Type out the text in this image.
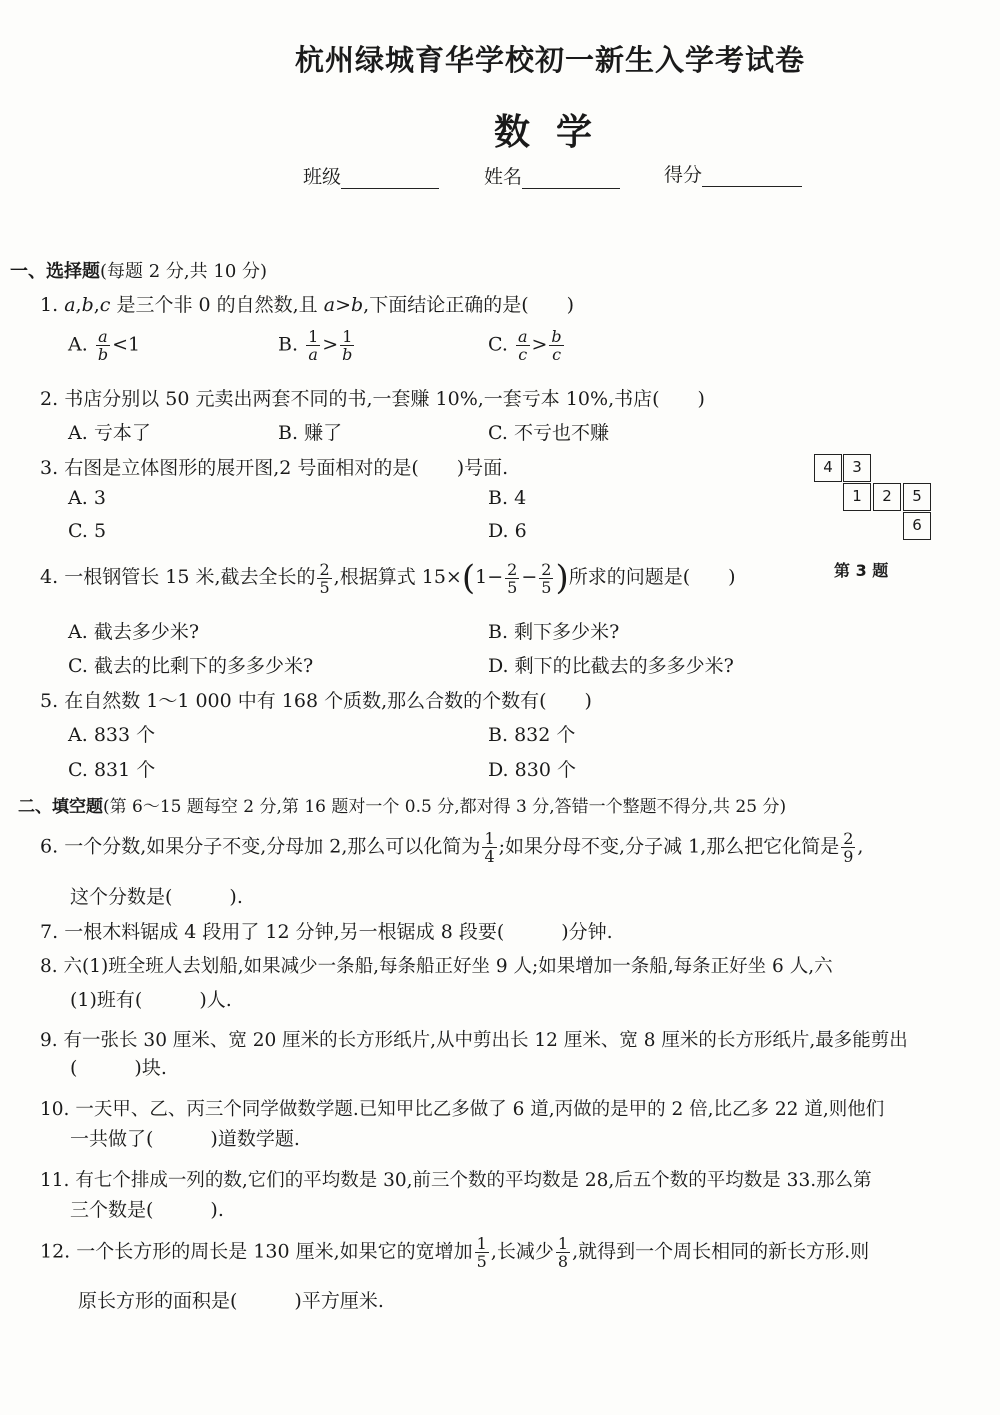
杭州绿城育华学校初一新生入学考试卷
数学
班级	姓名	得分
一、选择题(每题 2 分,共 10 分)
1. a,b,c 是三个非 0 的自然数,且 a>b,下面结论正确的是(　　)
A. $\frac{a}{b} <1$	B. $\frac{1}{a} > \frac{1}{b}$	C. $\frac{a}{c} > \frac{b}{c}$
2. 书店分别以 50 元卖出两套不同的书,一套赚 10%,一套亏本 10%,书店(　　)
A. 亏本了	B. 赚了	C. 不亏也不赚
3. 右图是立体图形的展开图,2 号面相对的是(　　)号面.
A. 3	B. 4
C. 5	D. 6
4	3
1	2	5
6
第 3 题
4. 一根钢管长 15 米,截去全长的 $\frac{2}{5}$ ,根据算式 $15\times(1- \frac{2}{5} - \frac{2}{5}$ )所求的问题是(　　)
A. 截去多少米?	B. 剩下多少米?
C. 截去的比剩下的多多少米?	D. 剩下的比截去的多多少米?
5. 在自然数 1～1 000 中有 168 个质数,那么合数的个数有(　　)
A. 833 个	B. 832 个
C. 831 个	D. 830 个
二、填空题(第 6～15 题每空 2 分,第 16 题对一个 0.5 分,都对得 3 分,答错一个整题不得分,共 25 分)
6. 一个分数,如果分子不变,分母加 2,那么可以化简为 $\frac{1}{4}$ ;如果分母不变,分子减 1,那么把它化简是 $\frac{2}{9}$ ,
这个分数是(　　　).
7. 一根木料锯成 4 段用了 12 分钟,另一根锯成 8 段要(　　　)分钟.
8. 六(1)班全班人去划船,如果减少一条船,每条船正好坐 9 人;如果增加一条船,每条正好坐 6 人,六
(1)班有(　　　)人.
9. 有一张长 30 厘米、宽 20 厘米的长方形纸片,从中剪出长 12 厘米、宽 8 厘米的长方形纸片,最多能剪出
(　　　)块.
10. 一天甲、乙、丙三个同学做数学题.已知甲比乙多做了 6 道,丙做的是甲的 2 倍,比乙多 22 道,则他们
一共做了(　　　)道数学题.
11. 有七个排成一列的数,它们的平均数是 30,前三个数的平均数是 28,后五个数的平均数是 33.那么第
三个数是(　　　).
12. 一个长方形的周长是 130 厘米,如果它的宽增加 $\frac{1}{5}$ ,长减少 $\frac{1}{8}$ ,就得到一个周长相同的新长方形.则
原长方形的面积是(　　　)平方厘米.
